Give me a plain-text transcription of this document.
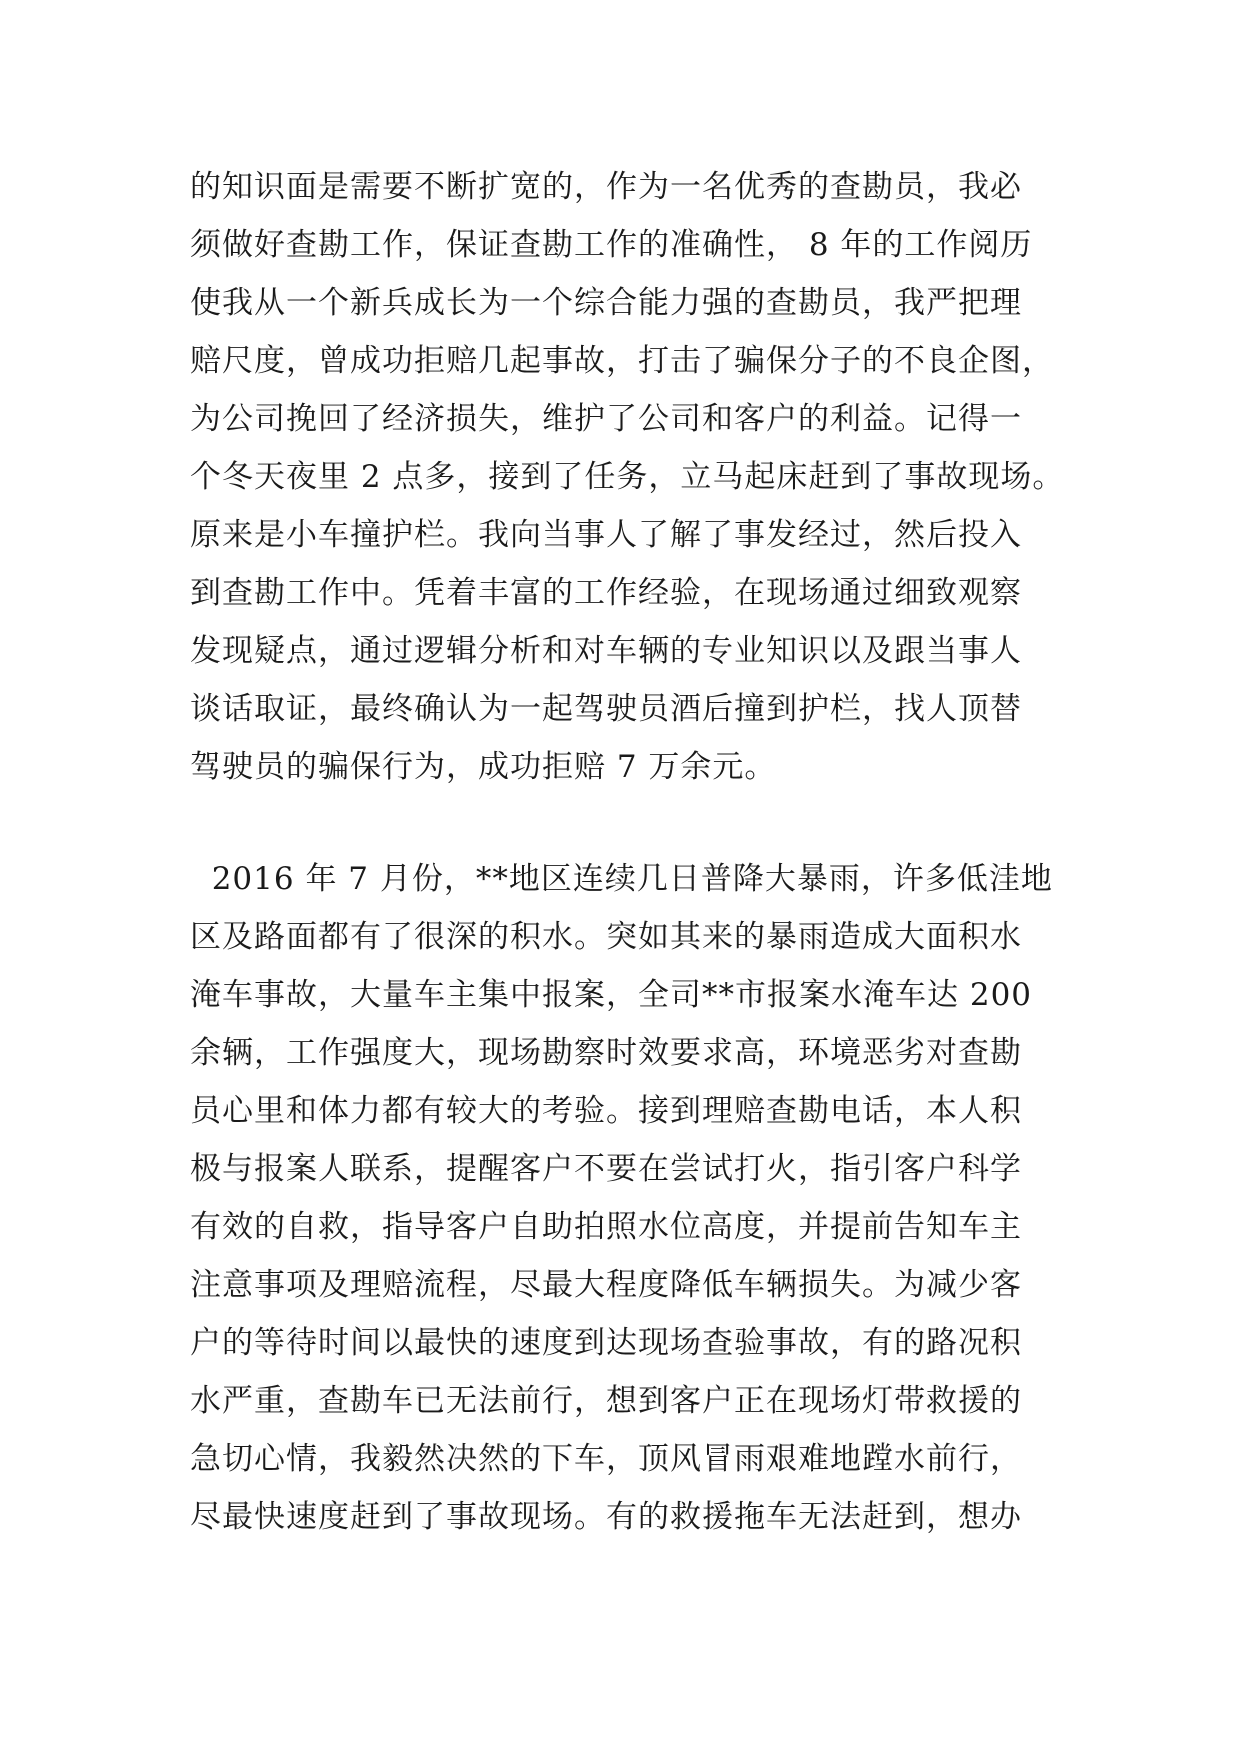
的知识面是需要不断扩宽的，作为一名优秀的查勘员，我必
须做好查勘工作，保证查勘工作的准确性， 8 年的工作阅历
使我从一个新兵成长为一个综合能力强的查勘员，我严把理
赔尺度，曾成功拒赔几起事故，打击了骗保分子的不良企图，
为公司挽回了经济损失，维护了公司和客户的利益。记得一
个冬天夜里 2 点多，接到了任务，立马起床赶到了事故现场。
原来是小车撞护栏。我向当事人了解了事发经过，然后投入
到查勘工作中。凭着丰富的工作经验，在现场通过细致观察
发现疑点，通过逻辑分析和对车辆的专业知识以及跟当事人
谈话取证，最终确认为一起驾驶员酒后撞到护栏，找人顶替
驾驶员的骗保行为，成功拒赔 7 万余元。
2016 年 7 月份，**地区连续几日普降大暴雨，许多低洼地
区及路面都有了很深的积水。突如其来的暴雨造成大面积水
淹车事故，大量车主集中报案，全司**市报案水淹车达 200
余辆，工作强度大，现场勘察时效要求高，环境恶劣对查勘
员心里和体力都有较大的考验。接到理赔查勘电话，本人积
极与报案人联系，提醒客户不要在尝试打火，指引客户科学
有效的自救，指导客户自助拍照水位高度，并提前告知车主
注意事项及理赔流程，尽最大程度降低车辆损失。为减少客
户的等待时间以最快的速度到达现场查验事故，有的路况积
水严重，查勘车已无法前行，想到客户正在现场灯带救援的
急切心情，我毅然决然的下车，顶风冒雨艰难地蹚水前行，
尽最快速度赶到了事故现场。有的救援拖车无法赶到，想办
